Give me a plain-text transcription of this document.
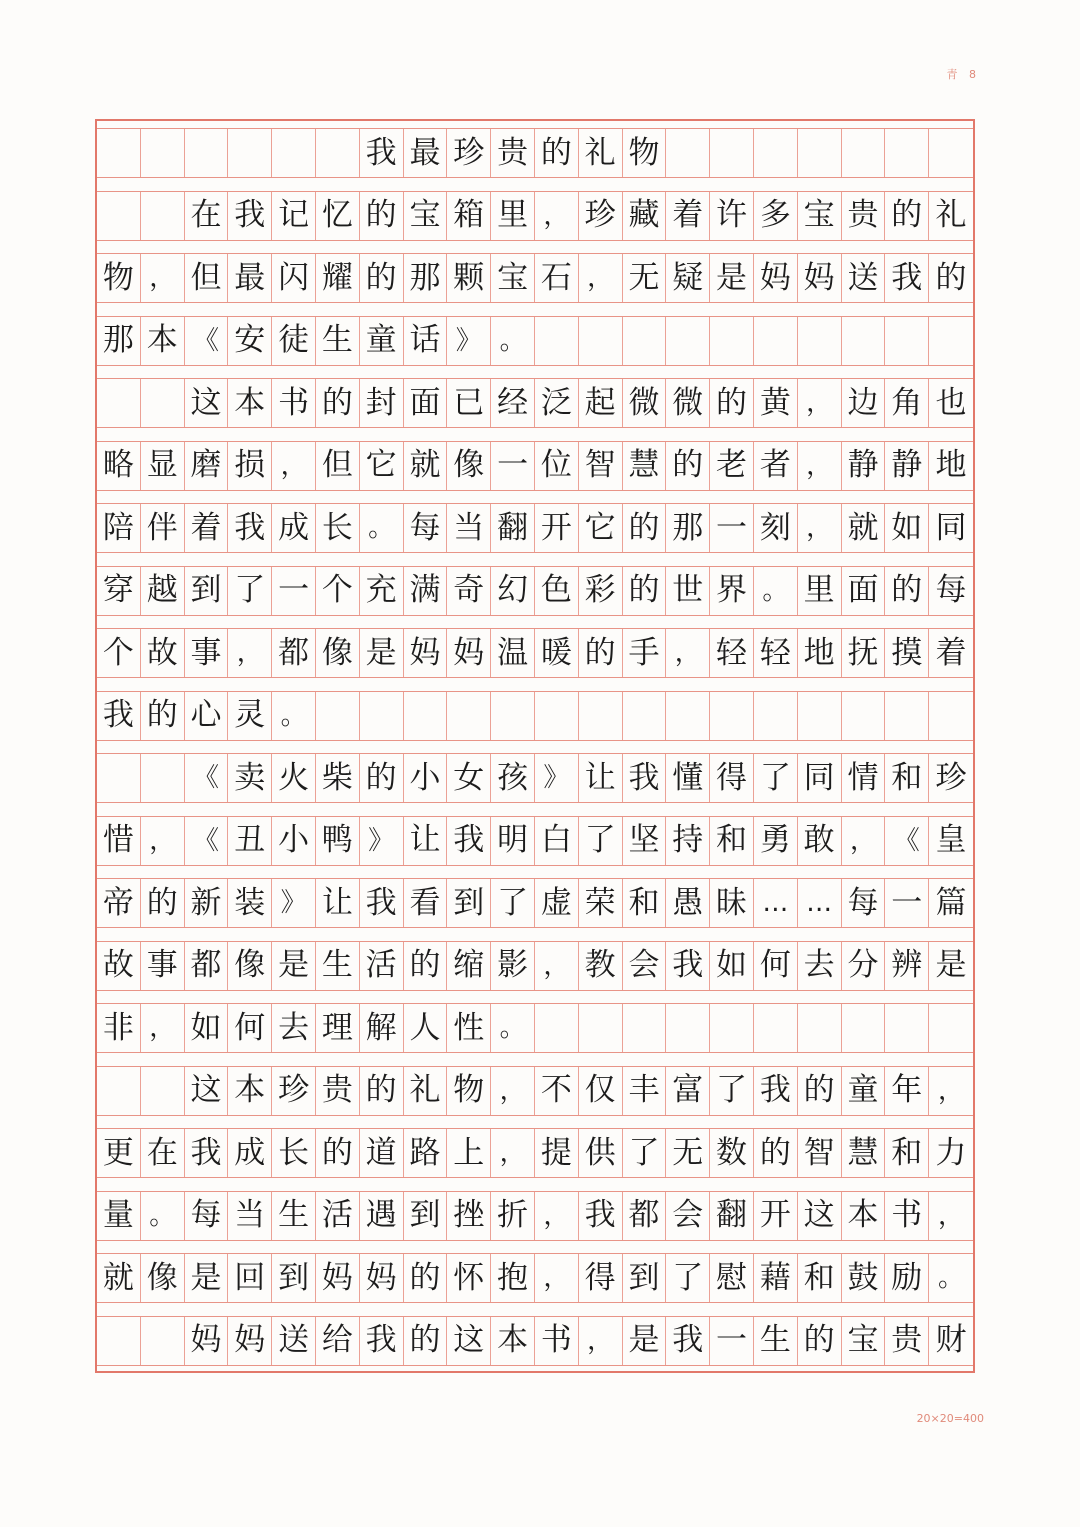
青 8

我 最 珍 贵 的 礼 物

在 我 记 忆 的 宝 箱 里 ， 珍 藏 着 许 多 宝 贵 的 礼
物 ， 但 最 闪 耀 的 那 颗 宝 石 ， 无 疑 是 妈 妈 送 我 的
那 本 《 安 徒 生 童 话 》 。

这 本 书 的 封 面 已 经 泛 起 微 微 的 黄 ， 边 角 也
略 显 磨 损 ， 但 它 就 像 一 位 智 慧 的 老 者 ， 静 静 地
陪 伴 着 我 成 长 。 每 当 翻 开 它 的 那 一 刻 ， 就 如 同
穿 越 到 了 一 个 充 满 奇 幻 色 彩 的 世 界 。 里 面 的 每
个 故 事 ， 都 像 是 妈 妈 温 暖 的 手 ， 轻 轻 地 抚 摸 着
我 的 心 灵 。

《 卖 火 柴 的 小 女 孩 》 让 我 懂 得 了 同 情 和 珍
惜 ， 《 丑 小 鸭 》 让 我 明 白 了 坚 持 和 勇 敢 ， 《 皇
帝 的 新 装 》 让 我 看 到 了 虚 荣 和 愚 昧 … … 每 一 篇
故 事 都 像 是 生 活 的 缩 影 ， 教 会 我 如 何 去 分 辨 是
非 ， 如 何 去 理 解 人 性 。

这 本 珍 贵 的 礼 物 ， 不 仅 丰 富 了 我 的 童 年 ，
更 在 我 成 长 的 道 路 上 ， 提 供 了 无 数 的 智 慧 和 力
量 。 每 当 生 活 遇 到 挫 折 ， 我 都 会 翻 开 这 本 书 ，
就 像 是 回 到 妈 妈 的 怀 抱 ， 得 到 了 慰 藉 和 鼓 励 。

妈 妈 送 给 我 的 这 本 书 ， 是 我 一 生 的 宝 贵 财
20×20=400
